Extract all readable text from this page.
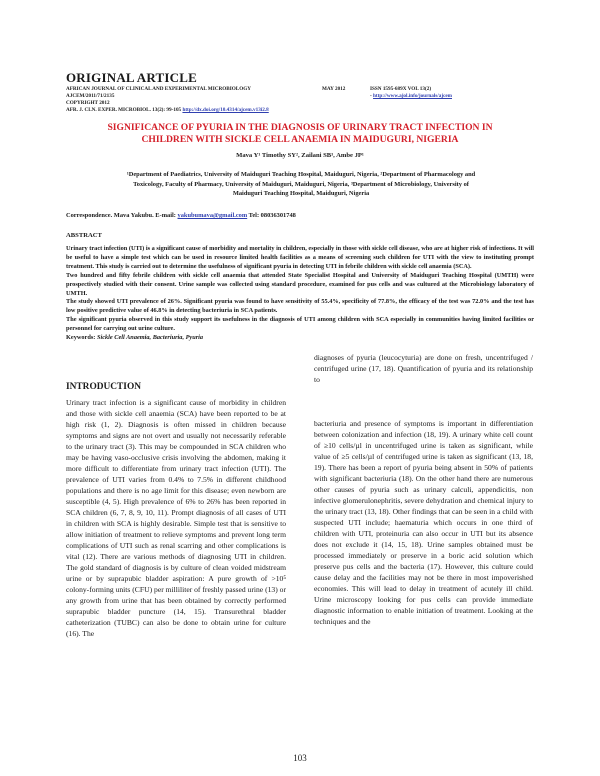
ORIGINAL ARTICLE
AFRICAN JOURNAL OF CLINICAL AND EXPERIMENTAL MICROBIOLOGY
AJCEM/2011/71/2135
COPYRIGHT 2012
AFR. J. CLN. EXPER. MICROBIOL. 13(2): 99-105 http://dx.doi.org/10.4314/ajcem.v13i2.8
MAY 2012	ISSN 1595-689X VOL 13(2)
- http://www.ajol.info/journals/ajcem
SIGNIFICANCE OF PYURIA IN THE DIAGNOSIS OF URINARY TRACT INFECTION IN
CHILDREN WITH SICKLE CELL ANAEMIA IN MAIDUGURI, NIGERIA
Mava Y¹ Timothy SY², Zailani SB³, Ambe JP¹
¹Department of Paediatrics, University of Maiduguri Teaching Hospital, Maiduguri, Nigeria, ²Department of Pharmacology and
Toxicology, Faculty of Pharmacy, University of Maiduguri, Maiduguri, Nigeria, ³Department of Microbiology, University of
Maiduguri Teaching Hospital, Maiduguri, Nigeria
Correspondence. Mava Yakubu. E-mail: yakubumava@gmail.com Tel: 08036301748
ABSTRACT

Urinary tract infection (UTI) is a significant cause of morbidity and mortality in children, especially in those with sickle cell disease, who are at higher risk of infections. It will be useful to have a simple test which can be used in resource limited health facilities as a means of screening such children for UTI with the view to instituting prompt treatment. This study is carried out to determine the usefulness of significant pyuria in detecting UTI in febrile children with sickle cell anaemia (SCA).

Two hundred and fifty febrile children with sickle cell anaemia that attended State Specialist Hospital and University of Maiduguri Teaching Hospital (UMTH) were prospectively studied with their consent. Urine sample was collected using standard procedure, examined for pus cells and was cultured at the Microbiology laboratory of UMTH.

The study showed UTI prevalence of 26%. Significant pyuria was found to have sensitivity of 55.4%, specificity of 77.8%, the efficacy of the test was 72.0% and the test has low positive predictive value of 46.8% in detecting bacteriuria in SCA patients.

The significant pyuria observed in this study support its usefulness in the diagnosis of UTI among children with SCA especially in communities having limited facilities or personnel for carrying out urine culture.

Keywords: Sickle Cell Anaemia, Bacteriuria, Pyuria

INTRODUCTION

Urinary tract infection is a significant cause of morbidity in children and those with sickle cell anaemia (SCA) have been reported to be at high risk (1, 2). Diagnosis is often missed in children because symptoms and signs are not overt and usually not necessarily referable to the urinary tract (3). This may be compounded in SCA children who may be having vaso-occlusive crisis involving the abdomen, making it more difficult to differentiate from urinary tract infection (UTI). The prevalence of UTI varies from 0.4% to 7.5% in different childhood populations and there is no age limit for this disease; even newborn are susceptible (4, 5). High prevalence of 6% to 26% has been reported in SCA children (6, 7, 8, 9, 10, 11). Prompt diagnosis of all cases of UTI in children with SCA is highly desirable. Simple test that is sensitive to allow initiation of treatment to relieve symptoms and prevent long term complications of UTI such as renal scarring and other complications is vital (12). There are various methods of diagnosing UTI in children. The gold standard of diagnosis is by culture of clean voided midstream urine or by suprapubic bladder aspiration: A pure growth of >10⁵ colony-forming units (CFU) per milliliter of freshly passed urine (13) or any growth from urine that has been obtained by correctly performed suprapubic bladder puncture (14, 15). Transurethral bladder catheterization (TUBC) can also be done to obtain urine for culture (16). The

diagnoses of pyuria (leucocyturia) are done on fresh, uncentrifuged / centrifuged urine (17, 18). Quantification of pyuria and its relationship to

bacteriuria and presence of symptoms is important in differentiation between colonization and infection (18, 19). A urinary white cell count of ≥10 cells/µl in uncentrifuged urine is taken as significant, while value of ≥5 cells/µl of centrifuged urine is taken as significant (13, 18, 19). There has been a report of pyuria being absent in 50% of patients with significant bacteriuria (18). On the other hand there are numerous other causes of pyuria such as urinary calculi, appendicitis, non infective glomerulonephritis, severe dehydration and chemical injury to the urinary tract (13, 18). Other findings that can be seen in a child with suspected UTI include; haematuria which occurs in one third of children with UTI, proteinuria can also occur in UTI but its absence does not exclude it (14, 15, 18). Urine samples obtained must be processed immediately or preserve in a boric acid solution which preserve pus cells and the bacteria (17). However, this culture could cause delay and the facilities may not be there in most impoverished economies. This will lead to delay in treatment of acutely ill child. Urine microscopy looking for pus cells can provide immediate diagnostic information to enable initiation of treatment. Looking at the techniques and the

103
